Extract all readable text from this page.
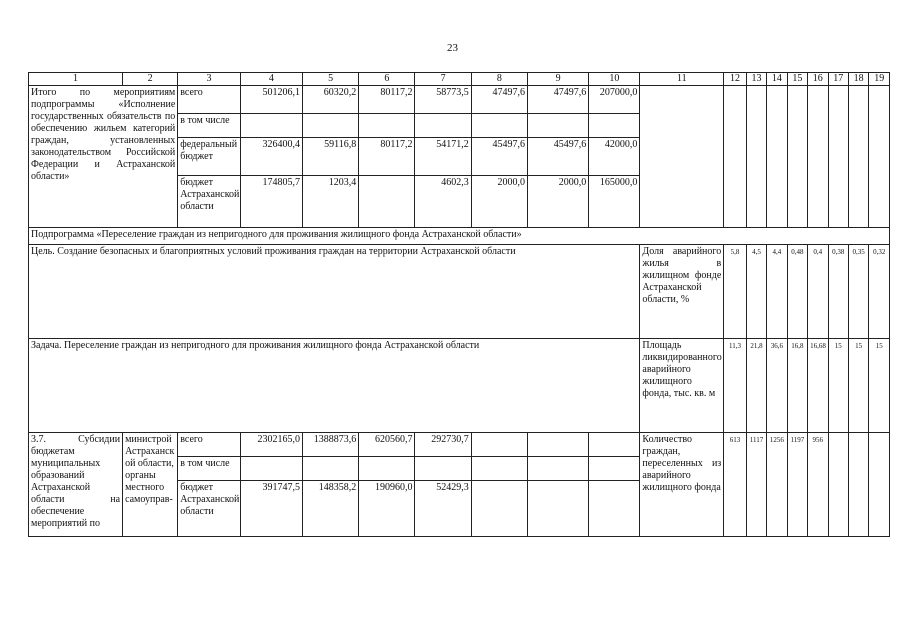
23
1	2	3	4	5	6	7	8	9	10	11	12	13	14	15	16	17	18	19
Итого по мероприятиям подпрограммы «Исполнение государственных обязательств по обеспечению жильем категорий граждан, установленных законодательством Российской Федерации и Астраханской области»		всего	501206,1	60320,2	80117,2	58773,5	47497,6	47497,6	207000,0									
		в том числе																
		федеральный бюджет	326400,4	59116,8	80117,2	54171,2	45497,6	45497,6	42000,0									
		бюджет Астраханской области	174805,7	1203,4		4602,3	2000,0	2000,0	165000,0									
Подпрограмма «Переселение граждан из непригодного для проживания жилищного фонда Астраханской области»																		
Цель. Создание безопасных и благоприятных условий проживания граждан на территории Астраханской области										Доля аварийного жилья в жилищном фонде Астраханской области, %	5,8	4,5	4,4	0,48	0,4	0,38	0,35	0,32
Задача. Переселение граждан из непригодного для проживания жилищного фонда Астраханской области										Площадь ликвидированного аварийного жилищного фонда, тыс. кв. м	11,3	21,8	36,6	16,8	16,68	15	15	15
3.7. Субсидии бюджетам муниципальных образований Астраханской области на обеспечение мероприятий по	министрой Астраханской области, органы местного самоуправ-	всего	2302165,0	1388873,6	620560,7	292730,7				Количество граждан, переселенных из аварийного жилищного фонда	613	1117	1256	1197	956			
		в том числе																
		бюджет Астраханской области	391747,5	148358,2	190960,0	52429,3												
